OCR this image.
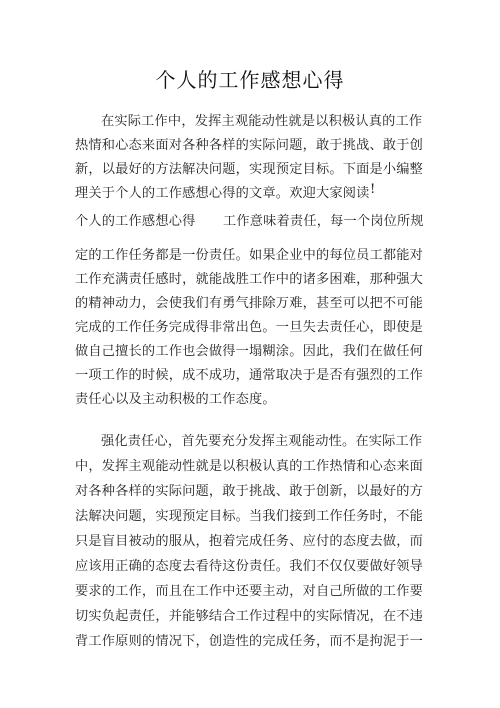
个人的工作感想心得
在实际工作中，发挥主观能动性就是以积极认真的工作
热情和心态来面对各种各样的实际问题，敢于挑战、敢于创
新，以最好的方法解决问题，实现预定目标。下面是小编整
理关于个人的工作感想心得的文章。欢迎大家阅读 !
个人的工作感想心得 工作意味着责任，每一个岗位所规
定的工作任务都是一份责任。如果企业中的每位员工都能对
工作充满责任感时，就能战胜工作中的诸多困难，那种强大
的精神动力，会使我们有勇气排除万难，甚至可以把不可能
完成的工作任务完成得非常出色。一旦失去责任心，即使是
做自己擅长的工作也会做得一塌糊涂。因此，我们在做任何
一项工作的时候，成不成功，通常取决于是否有强烈的工作
责任心以及主动积极的工作态度。
强化责任心，首先要充分发挥主观能动性。在实际工作
中，发挥主观能动性就是以积极认真的工作热情和心态来面
对各种各样的实际问题，敢于挑战、敢于创新，以最好的方
法解决问题，实现预定目标。当我们接到工作任务时，不能
只是盲目被动的服从，抱着完成任务、应付的态度去做，而
应该用正确的态度去看待这份责任。我们不仅仅要做好领导
要求的工作，而且在工作中还要主动，对自己所做的工作要
切实负起责任，并能够结合工作过程中的实际情况，在不违
背工作原则的情况下，创造性的完成任务，而不是拘泥于一
